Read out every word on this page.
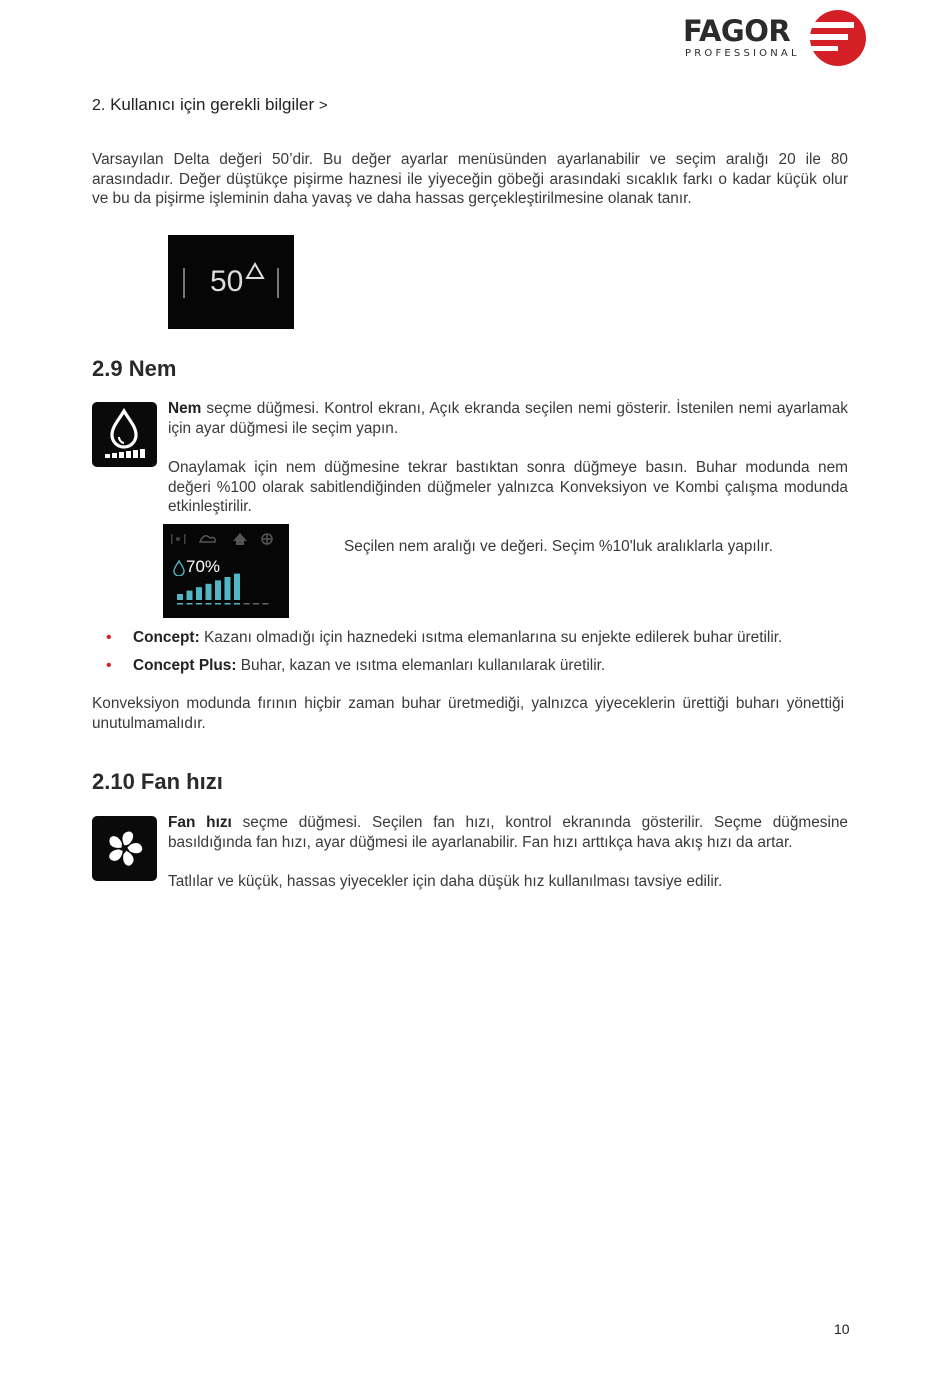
FAGOR
PROFESSIONAL
2. Kullanıcı için gerekli bilgiler >

Varsayılan Delta değeri 50’dir. Bu değer ayarlar menüsünden ayarlanabilir ve seçim aralığı 20 ile 80 arasındadır. Değer düştükçe pişirme haznesi ile yiyeceğin göbeği arasındaki sıcaklık farkı o kadar küçük olur ve bu da pişirme işleminin daha yavaş ve daha hassas gerçekleştirilmesine olanak tanır.

50
2.9 Nem

Nem seçme düğmesi. Kontrol ekranı, Açık ekranda seçilen nemi gösterir. İstenilen nemi ayarlamak için ayar düğmesi ile seçim yapın.

Onaylamak için nem düğmesine tekrar bastıktan sonra düğmeye basın. Buhar modunda nem değeri %100 olarak sabitlendiğinden düğmeler yalnızca Konveksiyon ve Kombi çalışma modunda etkinleştirilir.

70%

Seçilen nem aralığı ve değeri. Seçim %10'luk aralıklarla yapılır.

• Concept: Kazanı olmadığı için haznedeki ısıtma elemanlarına su enjekte edilerek buhar üretilir.
• Concept Plus: Buhar, kazan ve ısıtma elemanları kullanılarak üretilir.

Konveksiyon modunda fırının hiçbir zaman buhar üretmediği, yalnızca yiyeceklerin ürettiği buharı yönettiği unutulmamalıdır.

2.10 Fan hızı

Fan hızı seçme düğmesi. Seçilen fan hızı, kontrol ekranında gösterilir. Seçme düğmesine basıldığında fan hızı, ayar düğmesi ile ayarlanabilir. Fan hızı arttıkça hava akış hızı da artar.

Tatlılar ve küçük, hassas yiyecekler için daha düşük hız kullanılması tavsiye edilir.

10
